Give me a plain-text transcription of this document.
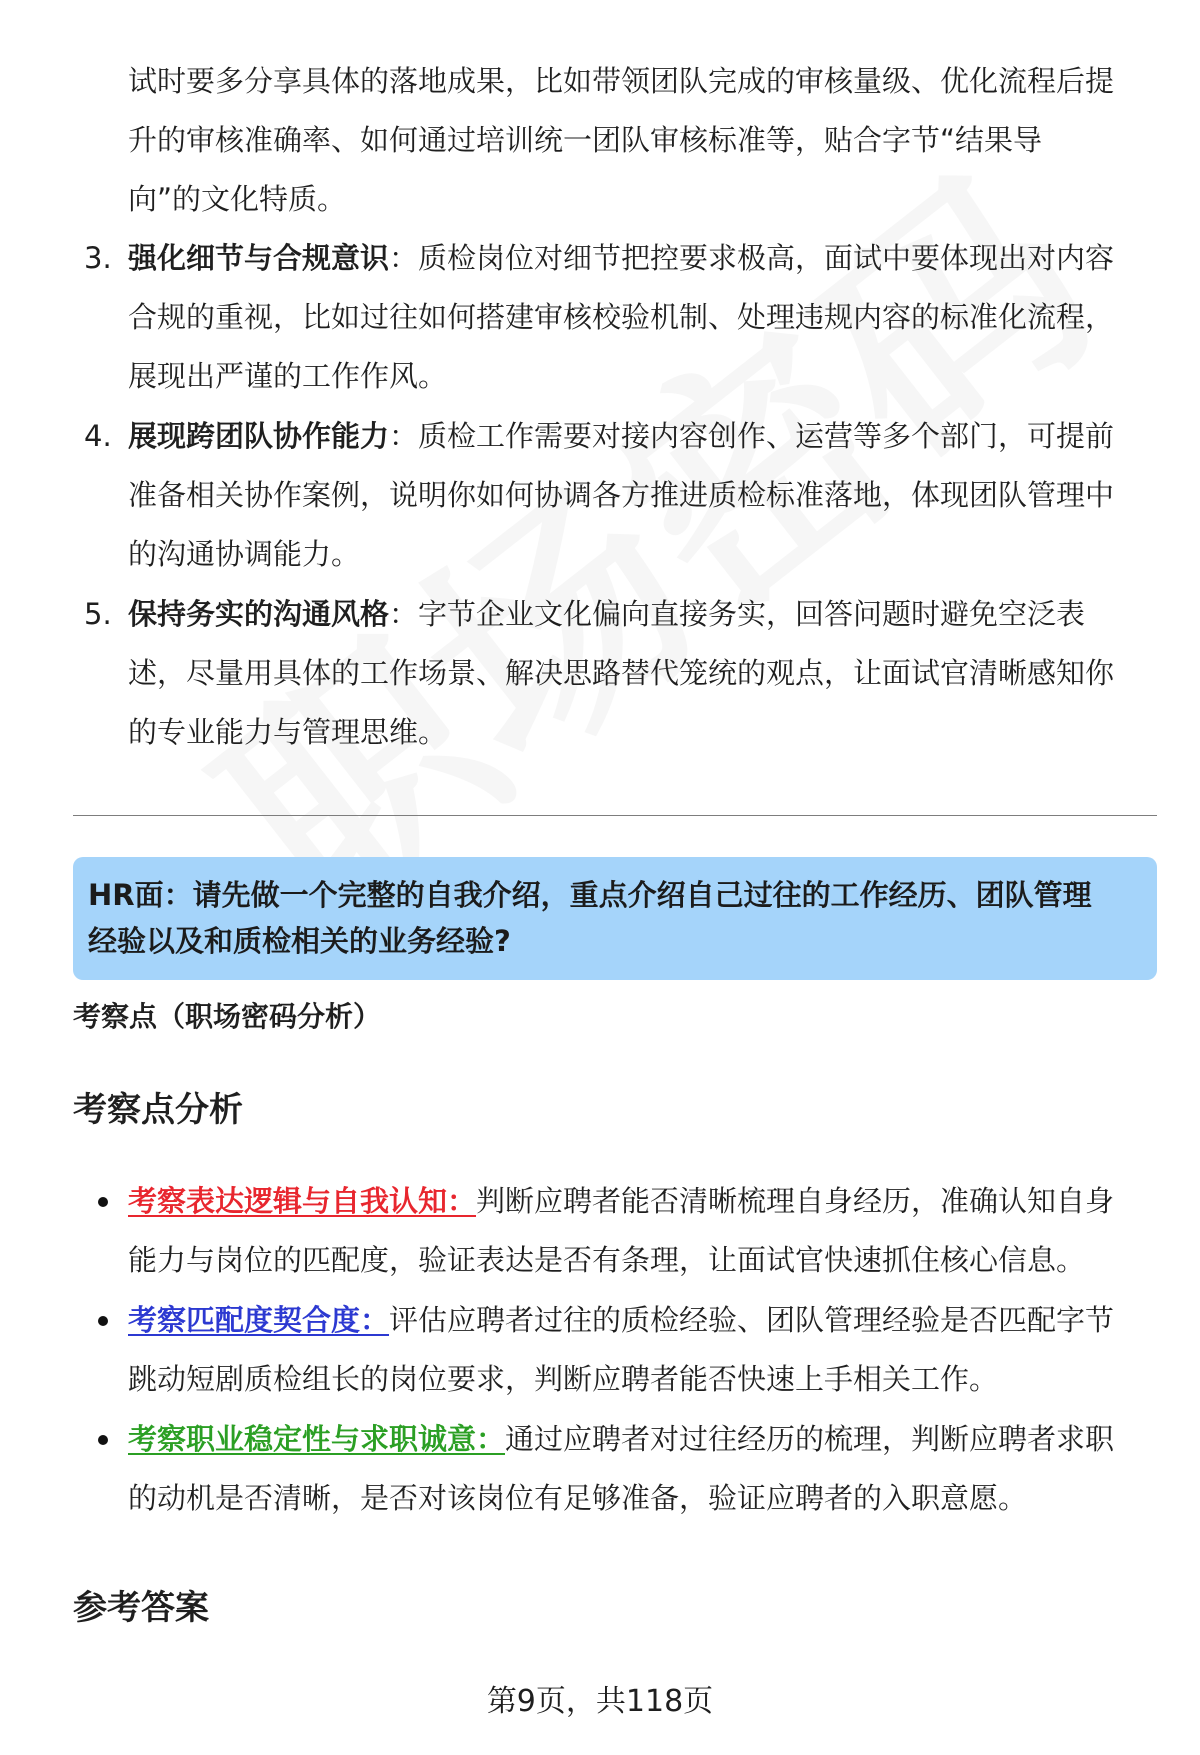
试时要多分享具体的落地成果，比如带领团队完成的审核量级、优化流程后提
升的审核准确率、如何通过培训统一团队审核标准等，贴合字节“结果导
向”的文化特质。
3. 强化细节与合规意识：质检岗位对细节把控要求极高，面试中要体现出对内容
合规的重视，比如过往如何搭建审核校验机制、处理违规内容的标准化流程，
展现出严谨的工作作风。
4. 展现跨团队协作能力：质检工作需要对接内容创作、运营等多个部门，可提前
准备相关协作案例，说明你如何协调各方推进质检标准落地，体现团队管理中
的沟通协调能力。
5. 保持务实的沟通风格：字节企业文化偏向直接务实，回答问题时避免空泛表
述，尽量用具体的工作场景、解决思路替代笼统的观点，让面试官清晰感知你
的专业能力与管理思维。
HR面：请先做一个完整的自我介绍，重点介绍自己过往的工作经历、团队管理
经验以及和质检相关的业务经验?
考察点（职场密码分析）
考察点分析
考察表达逻辑与自我认知：判断应聘者能否清晰梳理自身经历，准确认知自身
能力与岗位的匹配度，验证表达是否有条理，让面试官快速抓住核心信息。
考察匹配度契合度：评估应聘者过往的质检经验、团队管理经验是否匹配字节
跳动短剧质检组长的岗位要求，判断应聘者能否快速上手相关工作。
考察职业稳定性与求职诚意：通过应聘者对过往经历的梳理，判断应聘者求职
的动机是否清晰，是否对该岗位有足够准备，验证应聘者的入职意愿。
参考答案
第9页，共118页
